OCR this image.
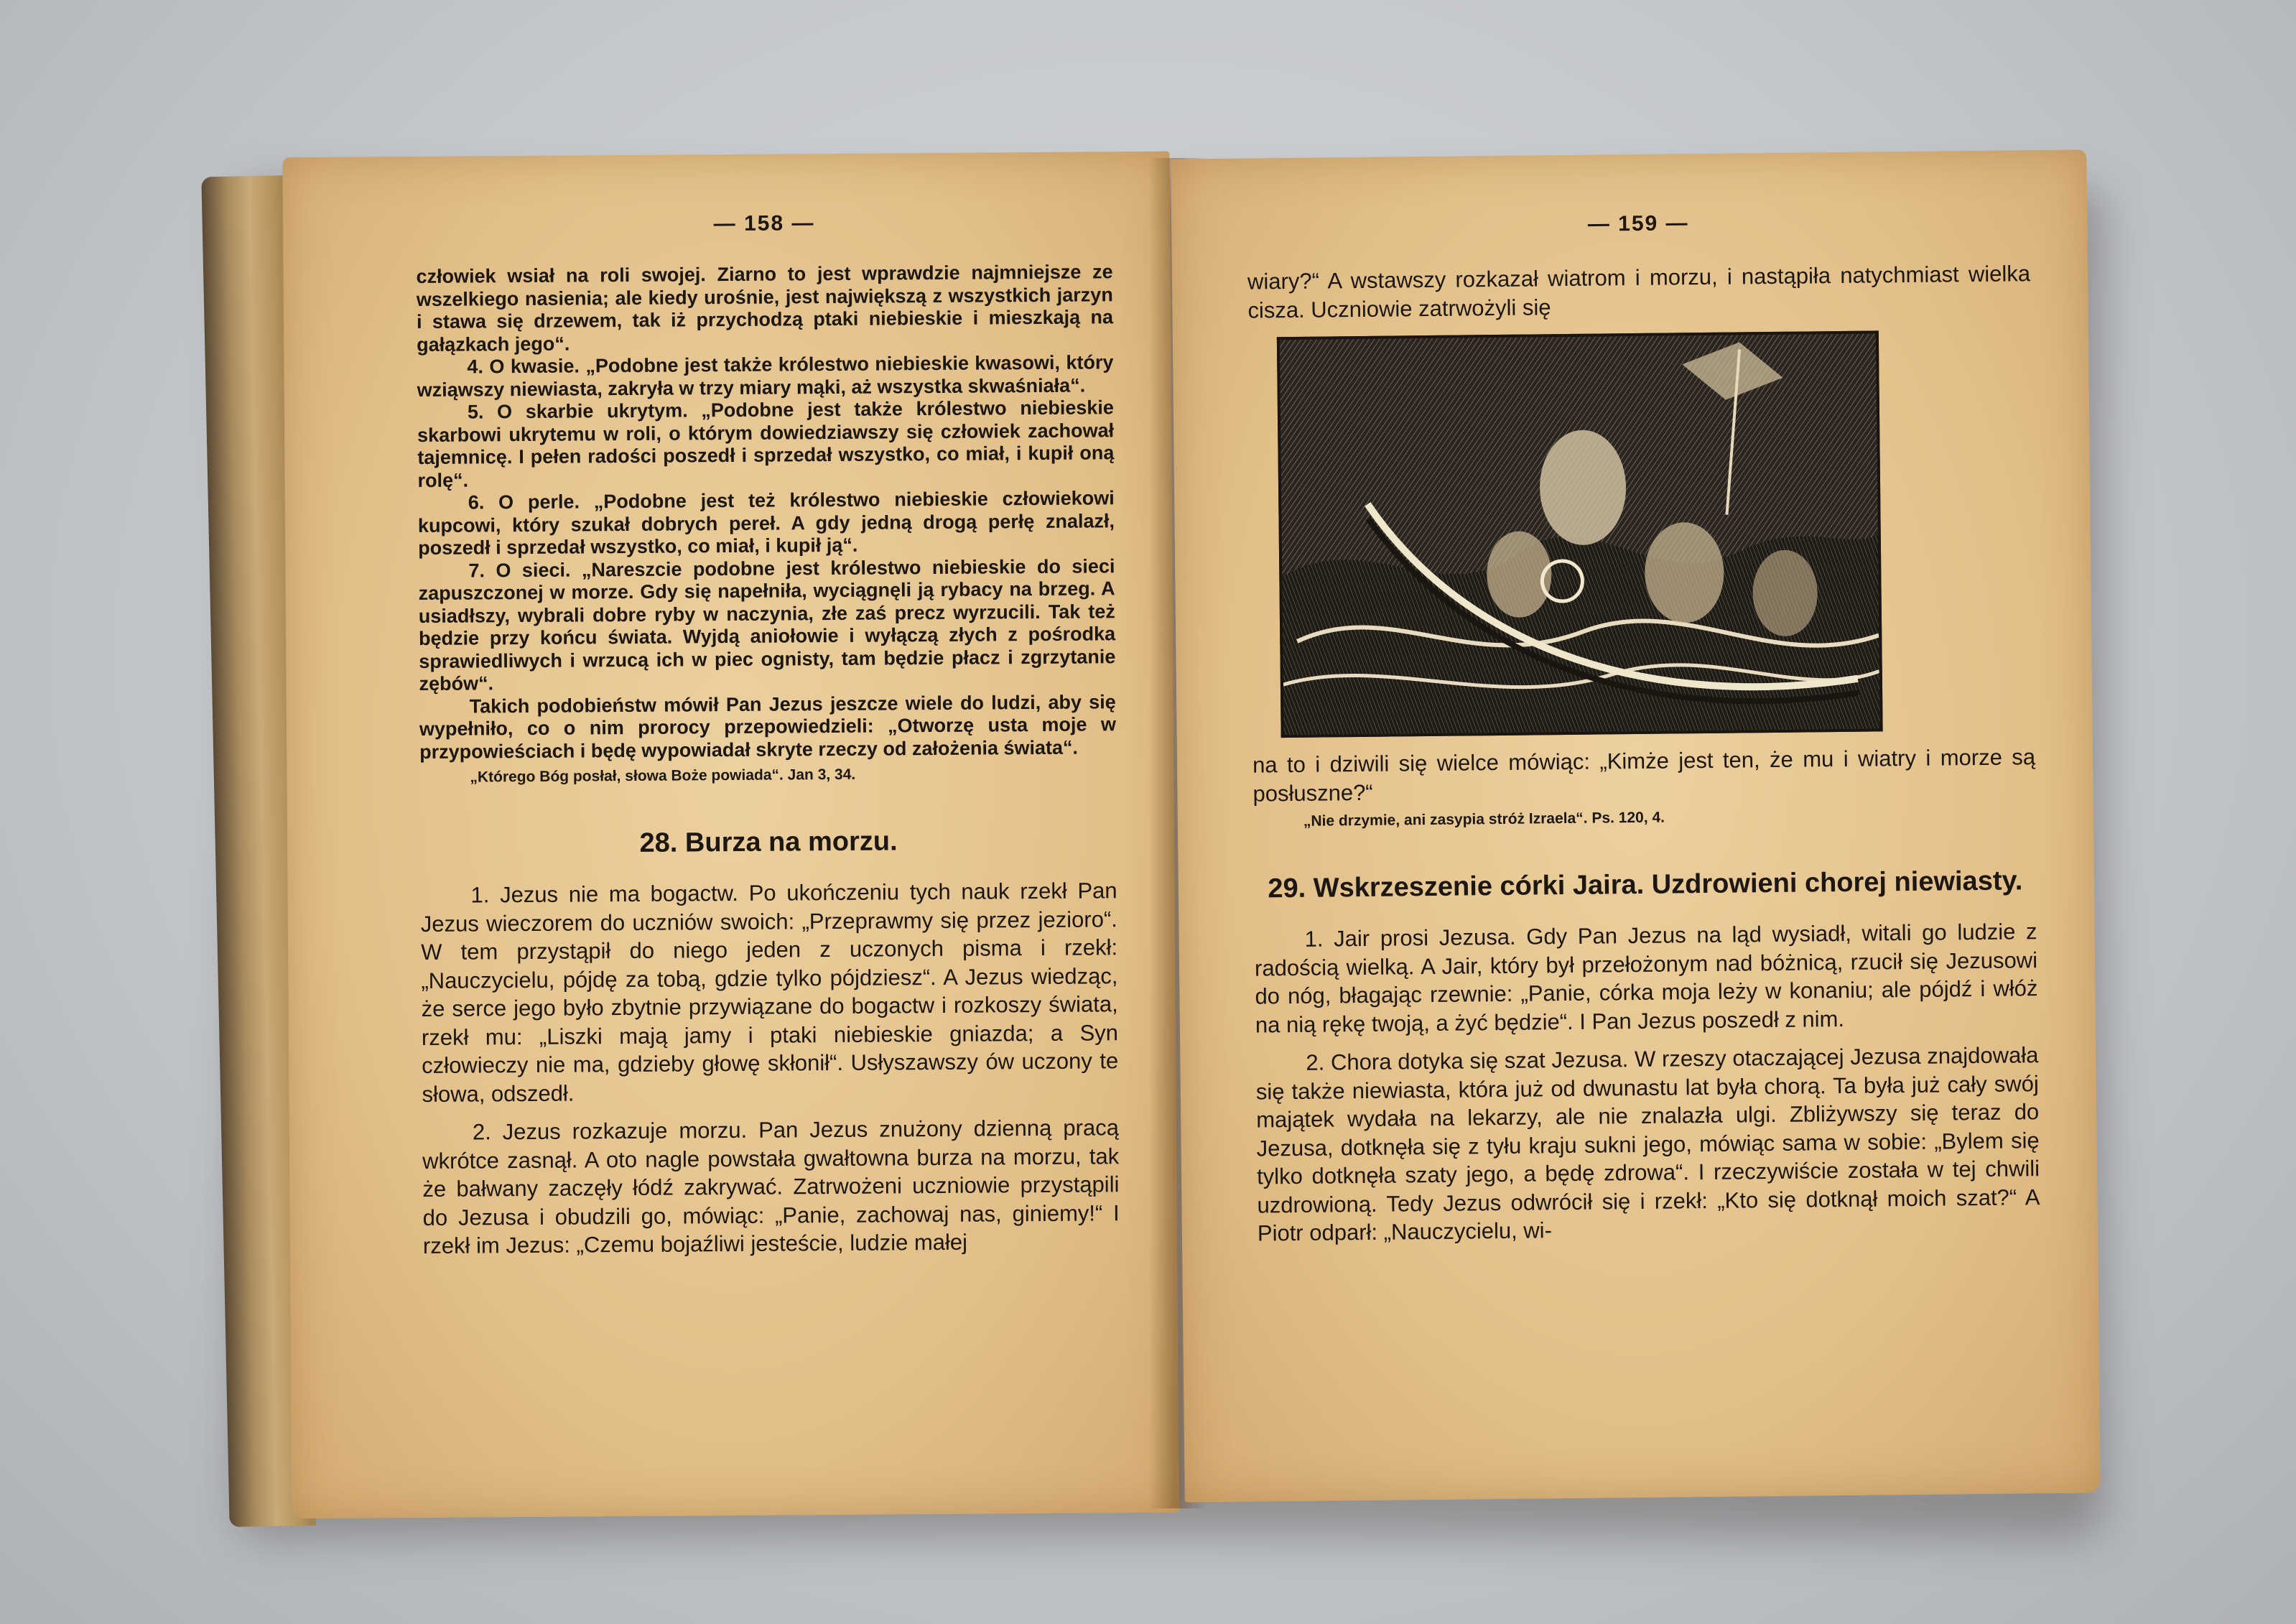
— 158 —

człowiek wsiał na roli swojej. Ziarno to jest wprawdzie najmniejsze ze wszelkiego nasienia; ale kiedy urośnie, jest największą z wszystkich jarzyn i stawa się drzewem, tak iż przychodzą ptaki niebieskie i mieszkają na gałązkach jego“.

4. O kwasie. „Podobne jest także królestwo niebieskie kwasowi, który wziąwszy niewiasta, zakryła w trzy miary mąki, aż wszystka skwaśniała“.

5. O skarbie ukrytym. „Podobne jest także królestwo niebieskie skarbowi ukrytemu w roli, o którym dowiedziawszy się człowiek zachował tajemnicę. I pełen radości poszedł i sprzedał wszystko, co miał, i kupił oną rolę“.

6. O perle. „Podobne jest też królestwo niebieskie człowiekowi kupcowi, który szukał dobrych pereł. A gdy jedną drogą perłę znalazł, poszedł i sprzedał wszystko, co miał, i kupił ją“.

7. O sieci. „Nareszcie podobne jest królestwo niebieskie do sieci zapuszczonej w morze. Gdy się napełniła, wyciągnęli ją rybacy na brzeg. A usiadłszy, wybrali dobre ryby w naczynia, złe zaś precz wyrzucili. Tak też będzie przy końcu świata. Wyjdą aniołowie i wyłączą złych z pośrodka sprawiedliwych i wrzucą ich w piec ognisty, tam będzie płacz i zgrzytanie zębów“.

Takich podobieństw mówił Pan Jezus jeszcze wiele do ludzi, aby się wypełniło, co o nim prorocy przepowiedzieli: „Otworzę usta moje w przypowieściach i będę wypowiadał skryte rzeczy od założenia świata“.

„Którego Bóg posłał, słowa Boże powiada“. Jan 3, 34.
28. Burza na morzu.

1. Jezus nie ma bogactw. Po ukończeniu tych nauk rzekł Pan Jezus wieczorem do uczniów swoich: „Przeprawmy się przez jezioro“. W tem przystąpił do niego jeden z uczonych pisma i rzekł: „Nauczycielu, pójdę za tobą, gdzie tylko pójdziesz“. A Jezus wiedząc, że serce jego było zbytnie przywiązane do bogactw i rozkoszy świata, rzekł mu: „Liszki mają jamy i ptaki niebieskie gniazda; a Syn człowieczy nie ma, gdzieby głowę skłonił“. Usłyszawszy ów uczony te słowa, odszedł.

2. Jezus rozkazuje morzu. Pan Jezus znużony dzienną pracą wkrótce zasnął. A oto nagle powstała gwałtowna burza na morzu, tak że bałwany zaczęły łódź zakrywać. Zatrwożeni uczniowie przystąpili do Jezusa i obudzili go, mówiąc: „Panie, zachowaj nas, giniemy!“ I rzekł im Jezus: „Czemu bojaźliwi jesteście, ludzie małej

— 159 —

wiary?“ A wstawszy rozkazał wiatrom i morzu, i nastąpiła natychmiast wielka cisza. Uczniowie zatrwożyli się

na to i dziwili się wielce mówiąc: „Kimże jest ten, że mu i wiatry i morze są posłuszne?“

„Nie drzymie, ani zasypia stróż Izraela“. Ps. 120, 4.
29. Wskrzeszenie córki Jaira. Uzdrowieni chorej niewiasty.

1. Jair prosi Jezusa. Gdy Pan Jezus na ląd wysiadł, witali go ludzie z radością wielką. A Jair, który był przełożonym nad bóżnicą, rzucił się Jezusowi do nóg, błagając rzewnie: „Panie, córka moja leży w konaniu; ale pójdź i włóż na nią rękę twoją, a żyć będzie“. I Pan Jezus poszedł z nim.

2. Chora dotyka się szat Jezusa. W rzeszy otaczającej Jezusa znajdowała się także niewiasta, która już od dwunastu lat była chorą. Ta była już cały swój majątek wydała na lekarzy, ale nie znalazła ulgi. Zbliżywszy się teraz do Jezusa, dotknęła się z tyłu kraju sukni jego, mówiąc sama w sobie: „Bylem się tylko dotknęła szaty jego, a będę zdrowa“. I rzeczywiście została w tej chwili uzdrowioną. Tedy Jezus odwrócił się i rzekł: „Kto się dotknął moich szat?“ A Piotr odparł: „Nauczycielu, wi-
